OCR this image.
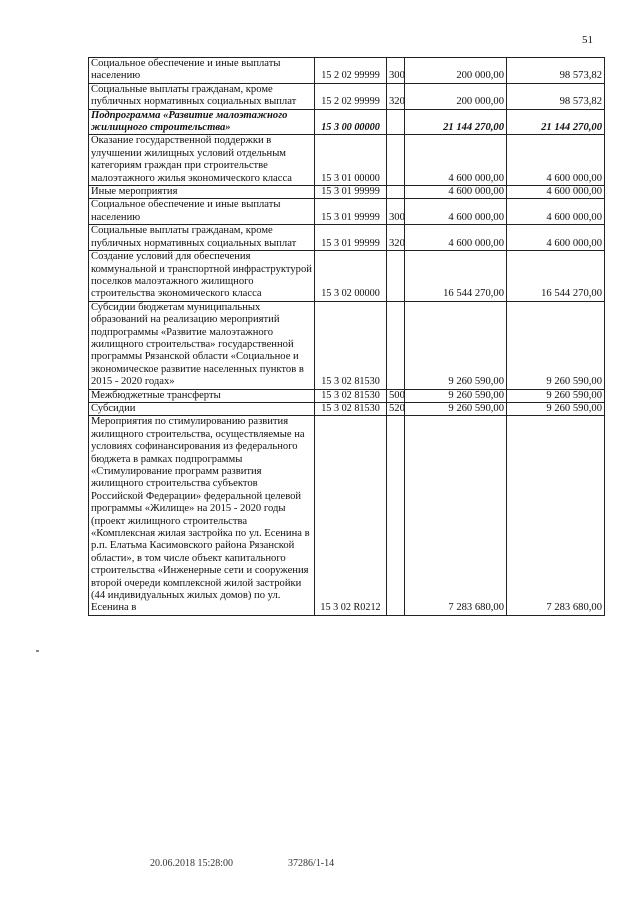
51
Социальное обеспечение и иные выплаты населению	15 2 02 99999	300	200 000,00	98 573,82
Социальные выплаты гражданам, кроме публичных нормативных социальных выплат	15 2 02 99999	320	200 000,00	98 573,82
Подпрограмма «Развитие малоэтажного жилищного строительства»	15 3 00 00000		21 144 270,00	21 144 270,00
Оказание государственной поддержки в улучшении жилищных условий отдельным категориям граждан при строительстве малоэтажного жилья экономического класса	15 3 01 00000		4 600 000,00	4 600 000,00
Иные мероприятия	15 3 01 99999		4 600 000,00	4 600 000,00
Социальное обеспечение и иные выплаты населению	15 3 01 99999	300	4 600 000,00	4 600 000,00
Социальные выплаты гражданам, кроме публичных нормативных социальных выплат	15 3 01 99999	320	4 600 000,00	4 600 000,00
Создание условий для обеспечения коммунальной и транспортной инфраструктурой поселков малоэтажного жилищного строительства экономического класса	15 3 02 00000		16 544 270,00	16 544 270,00
Субсидии бюджетам муниципальных образований на реализацию мероприятий подпрограммы «Развитие малоэтажного жилищного строительства» государственной программы Рязанской области «Социальное и экономическое развитие населенных пунктов в 2015 - 2020 годах»	15 3 02 81530		9 260 590,00	9 260 590,00
Межбюджетные трансферты	15 3 02 81530	500	9 260 590,00	9 260 590,00
Субсидии	15 3 02 81530	520	9 260 590,00	9 260 590,00
Мероприятия по стимулированию развития жилищного строительства, осуществляемые на условиях софинансирования из федерального бюджета в рамках подпрограммы «Стимулирование программ развития жилищного строительства субъектов Российской Федерации» федеральной целевой программы «Жилище» на 2015 - 2020 годы (проект жилищного строительства «Комплексная жилая застройка по ул. Есенина в р.п. Елатьма Касимовского района Рязанской области», в том числе объект капитального строительства «Инженерные сети и сооружения второй очереди комплексной жилой застройки (44 индивидуальных жилых домов) по ул. Есенина в	15 3 02 R0212		7 283 680,00	7 283 680,00
20.06.2018 15:28:00	37286/1-14
